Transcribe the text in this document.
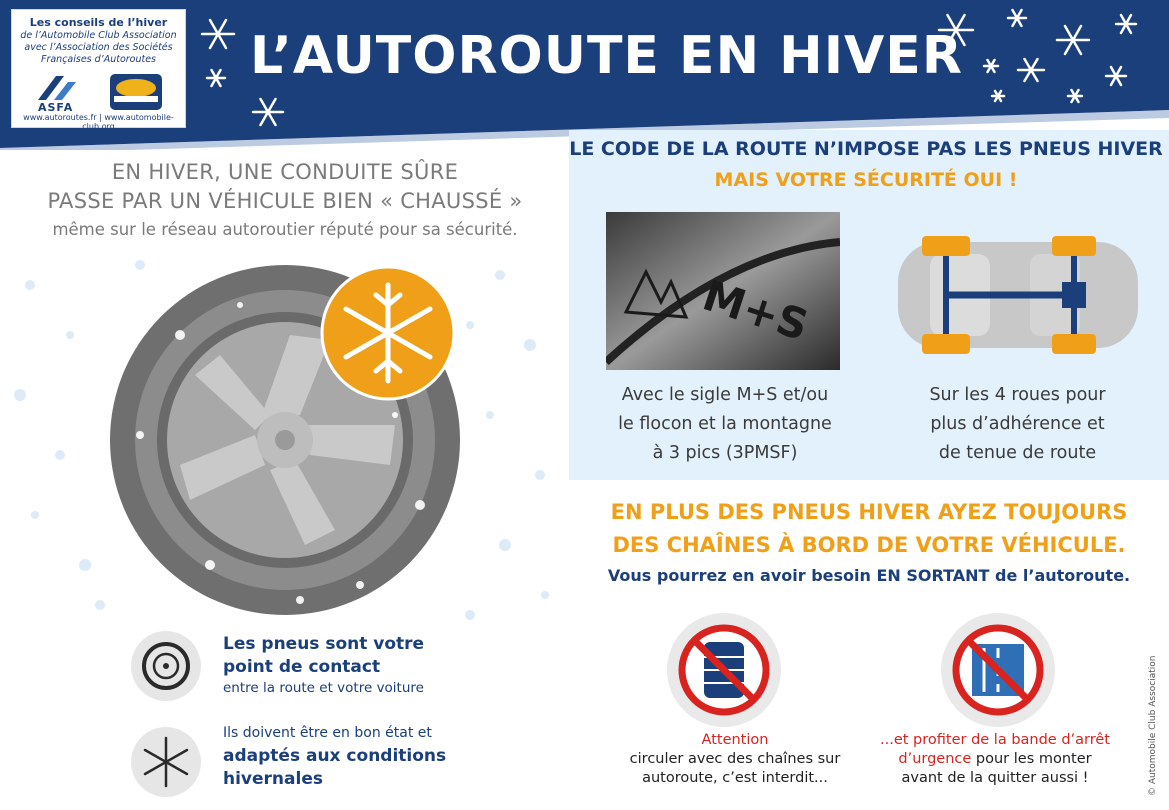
Les conseils de l’hiver
de l’Automobile Club Association
avec l’Association des Sociétés
Françaises d’Autoroutes
ASFA
www.autoroutes.fr | www.automobile-club.org
L’AUTOROUTE EN HIVER
EN HIVER, UNE CONDUITE SÛRE
PASSE PAR UN VÉHICULE BIEN « CHAUSSÉ »
même sur le réseau autoroutier réputé pour sa sécurité.
LE CODE DE LA ROUTE N’IMPOSE PAS LES PNEUS HIVER
MAIS VOTRE SÉCURITÉ OUI !
M+S
Avec le sigle M+S et/ou
le flocon et la montagne
à 3 pics (3PMSF)
Sur les 4 roues pour
plus d’adhérence et
de tenue de route
EN PLUS DES PNEUS HIVER AYEZ TOUJOURS
DES CHAÎNES À BORD DE VOTRE VÉHICULE.
Vous pourrez en avoir besoin EN SORTANT de l’autoroute.
Attention
circuler avec des chaînes sur
autoroute, c’est interdit...
...et profiter de la bande d’arrêt
d’urgence pour les monter
avant de la quitter aussi !
Les pneus sont votre
point de contact
entre la route et votre voiture
Ils doivent être en bon état et
adaptés aux conditions
hivernales	© Automobile Club Association
